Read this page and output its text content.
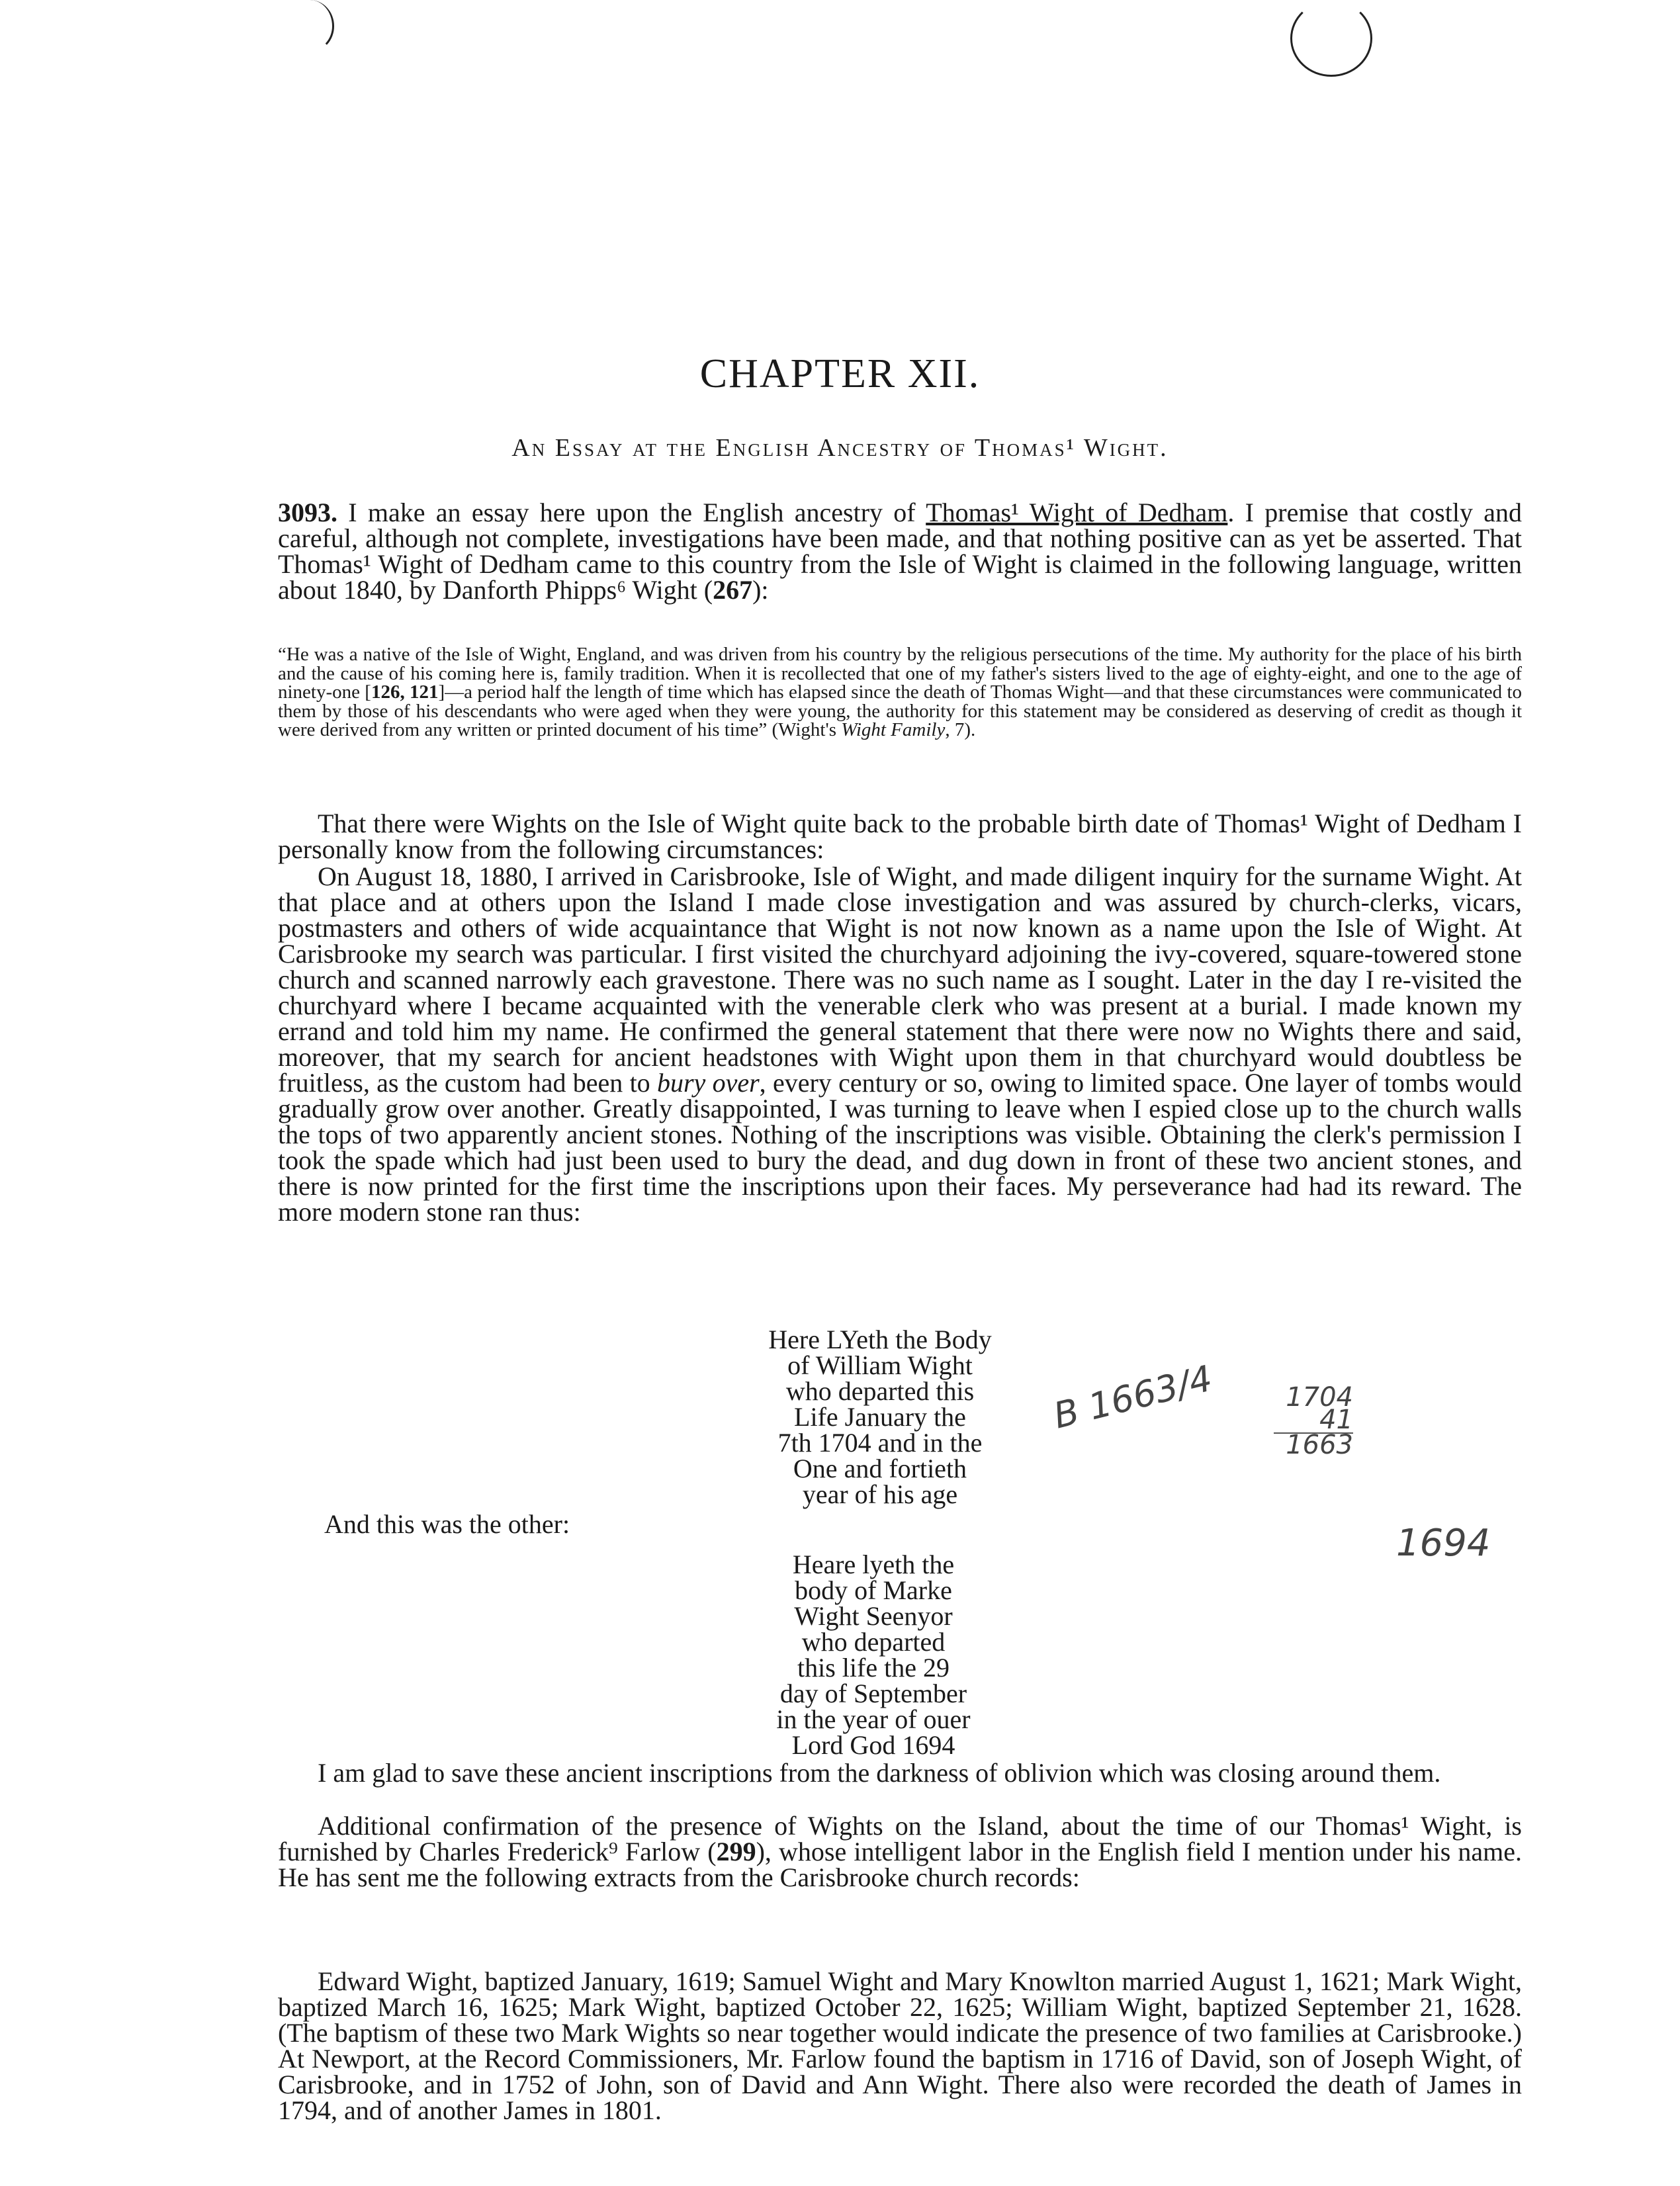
CHAPTER XII.
An Essay at the English Ancestry of Thomas¹ Wight.
3093. I make an essay here upon the English ancestry of Thomas¹ Wight of Dedham. I premise that costly and careful, although not complete, investigations have been made, and that nothing positive can as yet be asserted. That Thomas¹ Wight of Dedham came to this country from the Isle of Wight is claimed in the following language, written about 1840, by Danforth Phipps⁶ Wight (267):
“He was a native of the Isle of Wight, England, and was driven from his country by the religious persecutions of the time. My authority for the place of his birth and the cause of his coming here is, family tradition. When it is recollected that one of my father's sisters lived to the age of eighty-eight, and one to the age of ninety-one [126, 121]—a period half the length of time which has elapsed since the death of Thomas Wight—and that these circumstances were communicated to them by those of his descendants who were aged when they were young, the authority for this statement may be considered as deserving of credit as though it were derived from any written or printed document of his time” (Wight's Wight Family, 7).
That there were Wights on the Isle of Wight quite back to the probable birth date of Thomas¹ Wight of Dedham I personally know from the following circumstances:
On August 18, 1880, I arrived in Carisbrooke, Isle of Wight, and made diligent inquiry for the surname Wight. At that place and at others upon the Island I made close investigation and was assured by church-clerks, vicars, postmasters and others of wide acquaintance that Wight is not now known as a name upon the Isle of Wight. At Carisbrooke my search was particular. I first visited the churchyard adjoining the ivy-covered, square-towered stone church and scanned narrowly each gravestone. There was no such name as I sought. Later in the day I re-visited the churchyard where I became acquainted with the venerable clerk who was present at a burial. I made known my errand and told him my name. He confirmed the general statement that there were now no Wights there and said, moreover, that my search for ancient headstones with Wight upon them in that churchyard would doubtless be fruitless, as the custom had been to bury over, every century or so, owing to limited space. One layer of tombs would gradually grow over another. Greatly disappointed, I was turning to leave when I espied close up to the church walls the tops of two apparently ancient stones. Nothing of the inscriptions was visible. Obtaining the clerk's permission I took the spade which had just been used to bury the dead, and dug down in front of these two ancient stones, and there is now printed for the first time the inscriptions upon their faces. My perseverance had had its reward. The more modern stone ran thus:
Here LYeth the Body
of William Wight
who departed this
Life January the
7th 1704 and in the
One and fortieth
year of his age
And this was the other:
Heare lyeth the
body of Marke
Wight Seenyor
who departed
this life the 29
day of September
in the year of ouer
Lord God 1694
B 1663/4	1704
41
1663
1694
I am glad to save these ancient inscriptions from the darkness of oblivion which was closing around them.
Additional confirmation of the presence of Wights on the Island, about the time of our Thomas¹ Wight, is furnished by Charles Frederick⁹ Farlow (299), whose intelligent labor in the English field I mention under his name. He has sent me the following extracts from the Carisbrooke church records:
Edward Wight, baptized January, 1619; Samuel Wight and Mary Knowlton married August 1, 1621; Mark Wight, baptized March 16, 1625; Mark Wight, baptized October 22, 1625; William Wight, baptized September 21, 1628. (The baptism of these two Mark Wights so near together would indicate the presence of two families at Carisbrooke.) At Newport, at the Record Commissioners, Mr. Farlow found the baptism in 1716 of David, son of Joseph Wight, of Carisbrooke, and in 1752 of John, son of David and Ann Wight. There also were recorded the death of James in 1794, and of another James in 1801.
